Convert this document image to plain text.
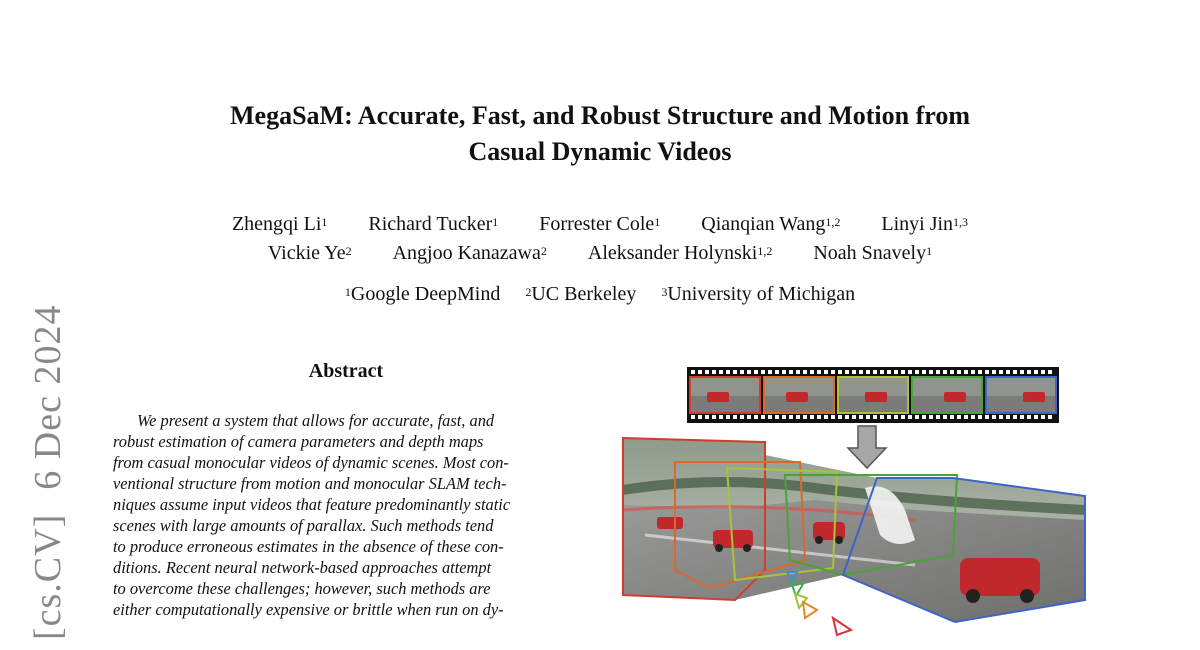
MegaSaM: Accurate, Fast, and Robust Structure and Motion from
Casual Dynamic Videos
Zhengqi Li$^1$ Richard Tucker$^1$ Forrester Cole$^1$ Qianqian Wang$^{1,2}$ Linyi Jin$^{1,3}$
Vickie Ye$^2$ Angjoo Kanazawa$^2$ Aleksander Holynski$^{1,2}$ Noah Snavely$^1$
$^1$Google DeepMind $^2$UC Berkeley $^3$University of Michigan
[cs.CV]6 Dec 2024	Abstract
We present a system that allows for accurate, fast, and
robust estimation of camera parameters and depth maps
from casual monocular videos of dynamic scenes. Most con-
ventional structure from motion and monocular SLAM tech-
niques assume input videos that feature predominantly static
scenes with large amounts of parallax. Such methods tend
to produce erroneous estimates in the absence of these con-
ditions. Recent neural network-based approaches attempt
to overcome these challenges; however, such methods are
either computationally expensive or brittle when run on dy-
